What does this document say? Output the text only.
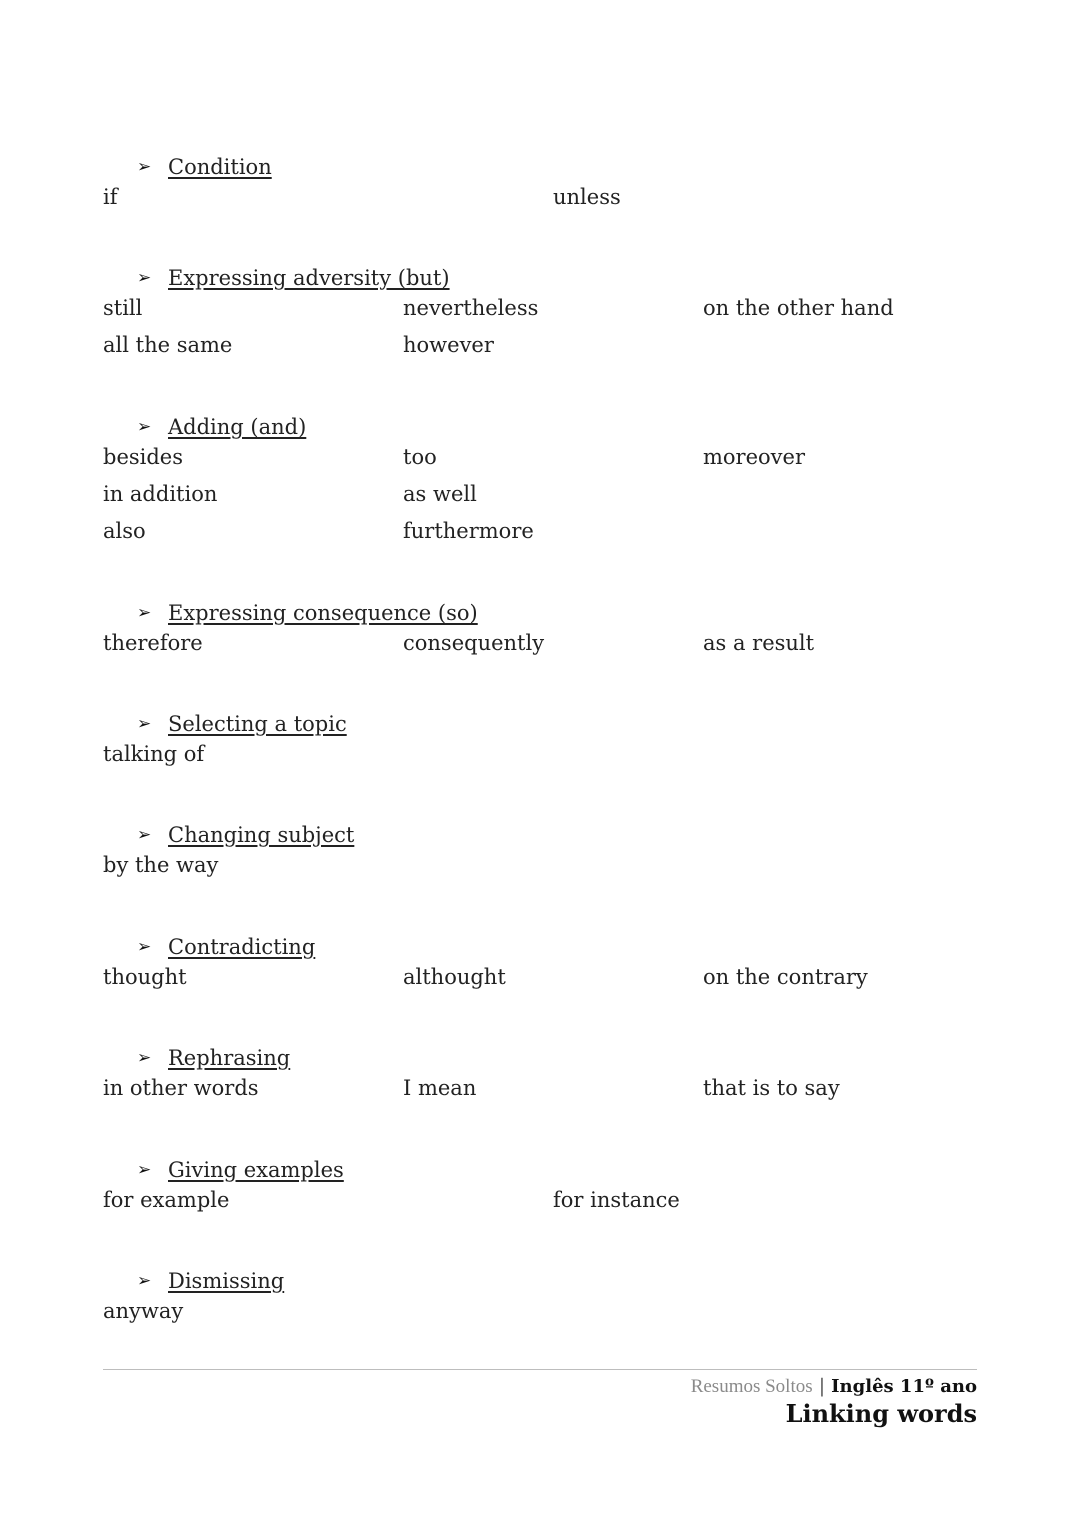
➢ Condition
if	unless
➢ Expressing adversity (but)
still	nevertheless	on the other hand
all the same	however
➢ Adding (and)
besides	too	moreover
in addition	as well
also	furthermore
➢ Expressing consequence (so)
therefore	consequently	as a result
➢ Selecting a topic
talking of
➢ Changing subject
by the way
➢ Contradicting
thought	althought	on the contrary
➢ Rephrasing
in other words	I mean	that is to say
➢ Giving examples
for example	for instance
➢ Dismissing
anyway
Resumos Soltos | Inglês 11º ano
Linking words
